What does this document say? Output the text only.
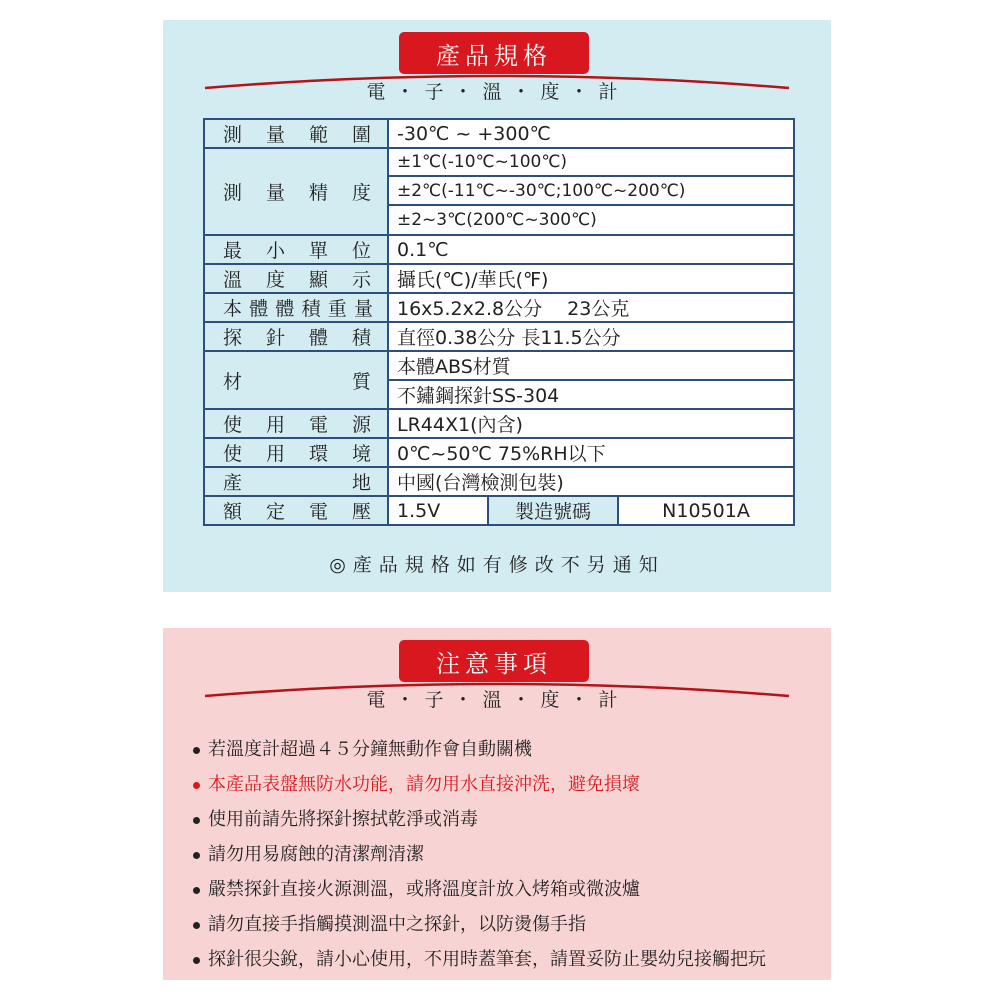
產品規格
電・子・溫・度・計
測量範圍	-30℃ ~ +300℃		
測量精度	±1℃(-10℃~100℃)		
	±2℃(-11℃~-30℃;100℃~200℃)		
	±2~3℃(200℃~300℃)		
最小單位	0.1℃		
溫度顯示	攝氏(℃)/華氏(℉)		
本體體積重量	16x5.2x2.8公分　 23公克		
探針體積	直徑0.38公分 長11.5公分		
材質	本體ABS材質		
	不鏽鋼探針SS-304		
使用電源	LR44X1(內含)		
使用環境	0℃~50℃ 75%RH以下		
產地	中國(台灣檢測包裝)		
額定電壓	1.5V	製造號碼	N10501A
◎產品規格如有修改不另通知
注意事項
電・子・溫・度・計
若溫度計超過４５分鐘無動作會自動關機
本產品表盤無防水功能，請勿用水直接沖洗，避免損壞
使用前請先將探針擦拭乾淨或消毒
請勿用易腐蝕的清潔劑清潔
嚴禁探針直接火源測溫，或將溫度計放入烤箱或微波爐
請勿直接手指觸摸測溫中之探針，以防燙傷手指
探針很尖銳，請小心使用，不用時蓋筆套，請置妥防止嬰幼兒接觸把玩
